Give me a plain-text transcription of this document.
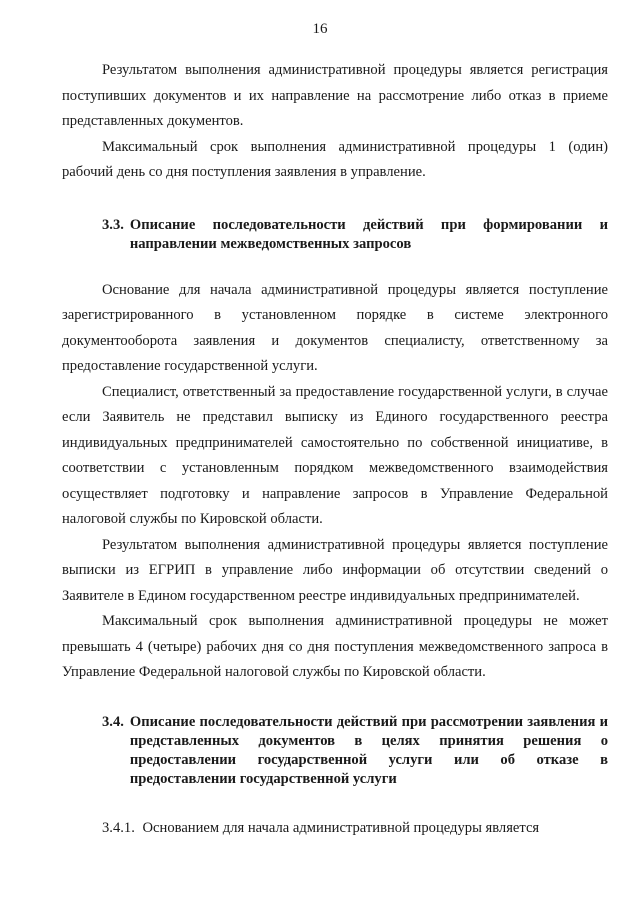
16

Результатом выполнения административной процедуры является регистрация поступивших документов и их направление на рассмотрение либо отказ в приеме представленных документов.

Максимальный срок выполнения административной процедуры 1 (один) рабочий день со дня поступления заявления в управление.

3.3. Описание последовательности действий при формировании и направлении межведомственных запросов

Основание для начала административной процедуры является поступление зарегистрированного в установленном порядке в системе электронного документооборота заявления и документов специалисту, ответственному за предоставление государственной услуги.

Специалист, ответственный за предоставление государственной услуги, в случае если Заявитель не представил выписку из Единого государственного реестра индивидуальных предпринимателей самостоятельно по собственной инициативе, в соответствии с установленным порядком межведомственного взаимодействия осуществляет подготовку и направление запросов в Управление Федеральной налоговой службы по Кировской области.

Результатом выполнения административной процедуры является поступление выписки из ЕГРИП в управление либо информации об отсутствии сведений о Заявителе в Едином государственном реестре индивидуальных предпринимателей.

Максимальный срок выполнения административной процедуры не может превышать 4 (четыре) рабочих дня со дня поступления межведомственного запроса в Управление Федеральной налоговой службы по Кировской области.

3.4. Описание последовательности действий при рассмотрении заявления и представленных документов в целях принятия решения о предоставлении государственной услуги или об отказе в предоставлении государственной услуги

3.4.1. Основанием для начала административной процедуры является
